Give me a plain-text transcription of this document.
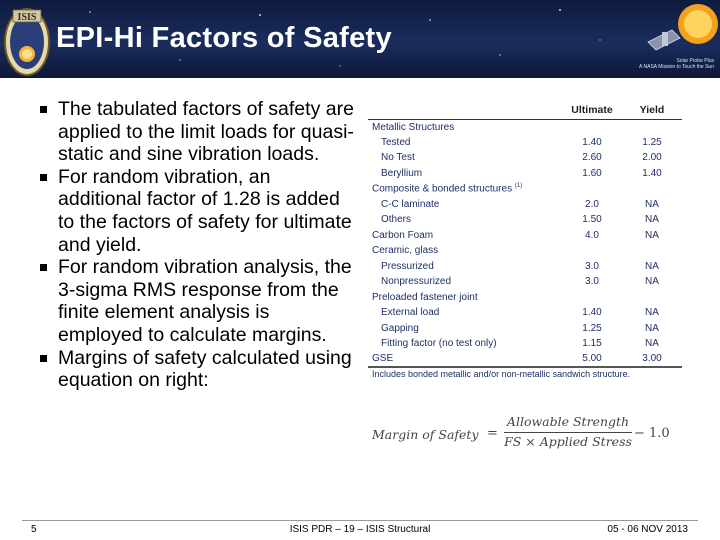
ISIS
EPI-Hi Factors of Safety
Solar Probe Plus
A NASA Mission to Touch the Sun
The tabulated factors of safety are applied to the limit loads for quasi-static and sine vibration loads.
For random vibration, an additional factor of 1.28 is added to the factors of safety for ultimate and yield.
For random vibration analysis, the 3-sigma RMS response from the finite element analysis is employed to calculate margins.
Margins of safety calculated using equation on right:
	Ultimate	Yield
Metallic Structures		
Tested	1.40	1.25
No Test	2.60	2.00
Beryllium	1.60	1.40
Composite & bonded structures $^{(1)}$		
C-C laminate	2.0	NA
Others	1.50	NA
Carbon Foam	4.0	NA
Ceramic, glass		
Pressurized	3.0	NA
Nonpressurized	3.0	NA
Preloaded fastener joint		
External load	1.40	NA
Gapping	1.25	NA
Fitting factor (no test only)	1.15	NA
GSE	5.00	3.00
Includes bonded metallic and/or non-metallic sandwich structure.
Margin of Safety =
Allowable Strength
FS × Applied Stress
− 1.0
5	ISIS PDR – 19 – ISIS Structural	05 - 06 NOV 2013
